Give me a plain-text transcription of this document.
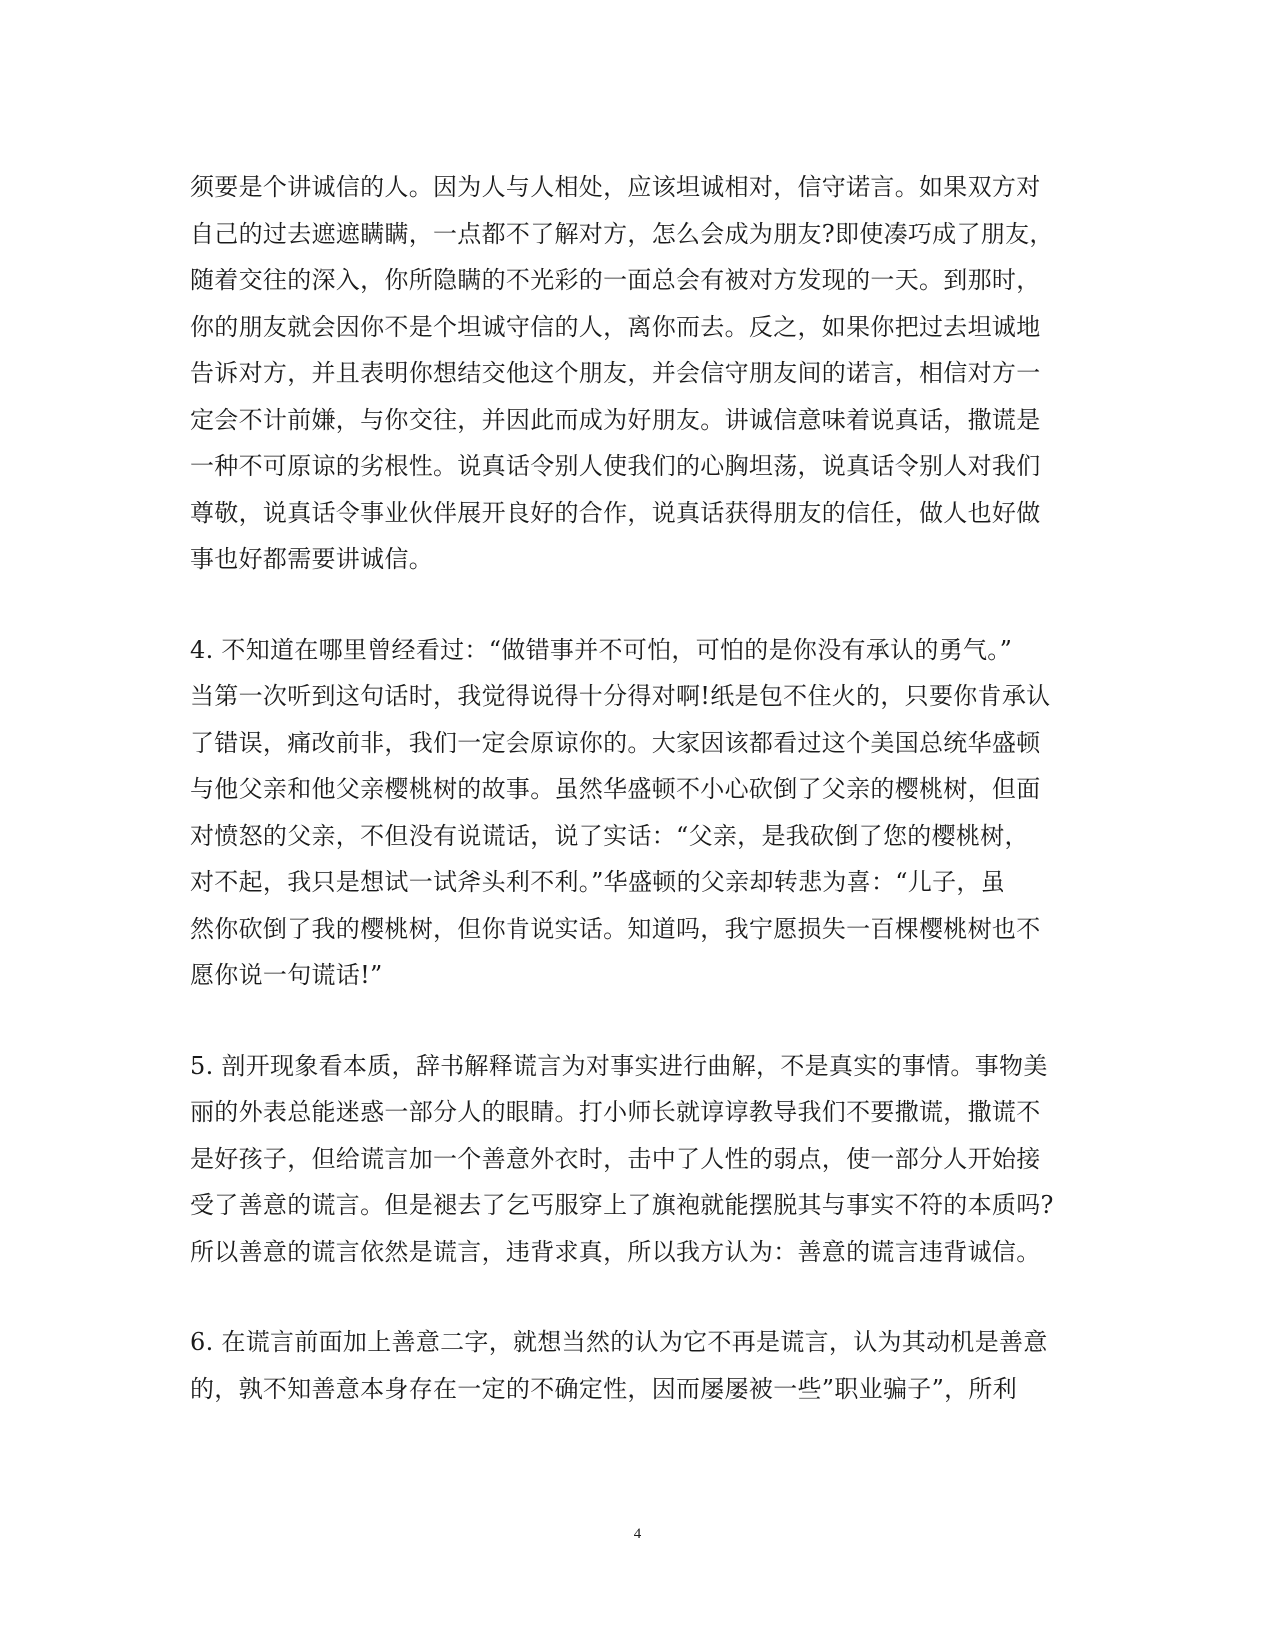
须要是个讲诚信的人。因为人与人相处，应该坦诚相对，信守诺言。如果双方对
自己的过去遮遮瞒瞒，一点都不了解对方，怎么会成为朋友?即使凑巧成了朋友，
随着交往的深入，你所隐瞒的不光彩的一面总会有被对方发现的一天。到那时，
你的朋友就会因你不是个坦诚守信的人，离你而去。反之，如果你把过去坦诚地
告诉对方，并且表明你想结交他这个朋友，并会信守朋友间的诺言，相信对方一
定会不计前嫌，与你交往，并因此而成为好朋友。讲诚信意味着说真话，撒谎是
一种不可原谅的劣根性。说真话令别人使我们的心胸坦荡，说真话令别人对我们
尊敬，说真话令事业伙伴展开良好的合作，说真话获得朋友的信任，做人也好做
事也好都需要讲诚信。
4. 不知道在哪里曾经看过：“做错事并不可怕，可怕的是你没有承认的勇气。”
当第一次听到这句话时，我觉得说得十分得对啊!纸是包不住火的，只要你肯承认
了错误，痛改前非，我们一定会原谅你的。大家因该都看过这个美国总统华盛顿
与他父亲和他父亲樱桃树的故事。虽然华盛顿不小心砍倒了父亲的樱桃树，但面
对愤怒的父亲，不但没有说谎话，说了实话：“父亲，是我砍倒了您的樱桃树，
对不起，我只是想试一试斧头利不利。”华盛顿的父亲却转悲为喜：“儿子，虽
然你砍倒了我的樱桃树，但你肯说实话。知道吗，我宁愿损失一百棵樱桃树也不
愿你说一句谎话!”
5. 剖开现象看本质，辞书解释谎言为对事实进行曲解，不是真实的事情。事物美
丽的外表总能迷惑一部分人的眼睛。打小师长就谆谆教导我们不要撒谎，撒谎不
是好孩子，但给谎言加一个善意外衣时，击中了人性的弱点，使一部分人开始接
受了善意的谎言。但是褪去了乞丐服穿上了旗袍就能摆脱其与事实不符的本质吗?
所以善意的谎言依然是谎言，违背求真，所以我方认为：善意的谎言违背诚信。
6. 在谎言前面加上善意二字，就想当然的认为它不再是谎言，认为其动机是善意
的，孰不知善意本身存在一定的不确定性，因而屡屡被一些”职业骗子”，所利
4
